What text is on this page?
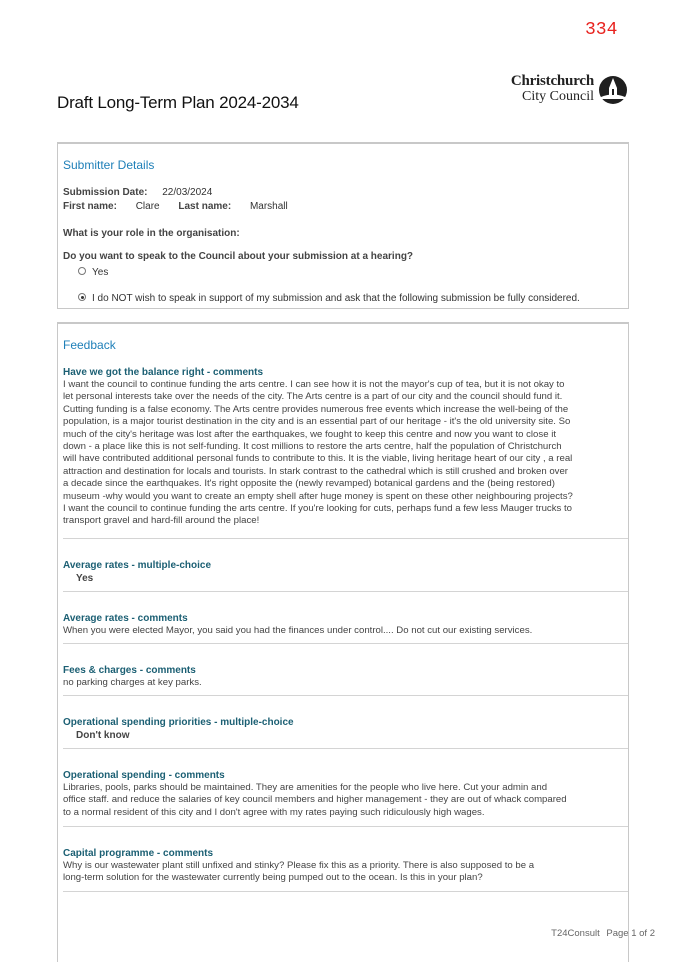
334
Draft Long-Term Plan 2024-2034
Christchurch
City Council
Submitter Details
Submission Date: 22/03/2024
First name: Clare Last name: Marshall
What is your role in the organisation:
Do you want to speak to the Council about your submission at a hearing?
Yes
I do NOT wish to speak in support of my submission and ask that the following submission be fully considered.
Feedback
Have we got the balance right - comments
I want the council to continue funding the arts centre. I can see how it is not the mayor's cup of tea, but it is not okay to let personal interests take over the needs of the city. The Arts centre is a part of our city and the council should fund it. Cutting funding is a false economy. The Arts centre provides numerous free events which increase the well-being of the population, is a major tourist destination in the city and is an essential part of our heritage - it's the old university site. So much of the city's heritage was lost after the earthquakes, we fought to keep this centre and now you want to close it down - a place like this is not self-funding. It cost millions to restore the arts centre, half the population of Christchurch will have contributed additional personal funds to contribute to this. It is the viable, living heritage heart of our city , a real attraction and destination for locals and tourists. In stark contrast to the cathedral which is still crushed and broken over a decade since the earthquakes. It's right opposite the (newly revamped) botanical gardens and the (being restored) museum -why would you want to create an empty shell after huge money is spent on these other neighbouring projects? I want the council to continue funding the arts centre. If you're looking for cuts, perhaps fund a few less Mauger trucks to transport gravel and hard-fill around the place!
Average rates - multiple-choice
Yes
Average rates - comments
When you were elected Mayor, you said you had the finances under control.... Do not cut our existing services.
Fees & charges - comments
no parking charges at key parks.
Operational spending priorities - multiple-choice
Don't know
Operational spending - comments
Libraries, pools, parks should be maintained. They are amenities for the people who live here. Cut your admin and office staff. and reduce the salaries of key council members and higher management - they are out of whack compared to a normal resident of this city and I don't agree with my rates paying such ridiculously high wages.
Capital programme - comments
Why is our wastewater plant still unfixed and stinky? Please fix this as a priority. There is also supposed to be a long-term solution for the wastewater currently being pumped out to the ocean. Is this in your plan?
T24Consult Page 1 of 2
